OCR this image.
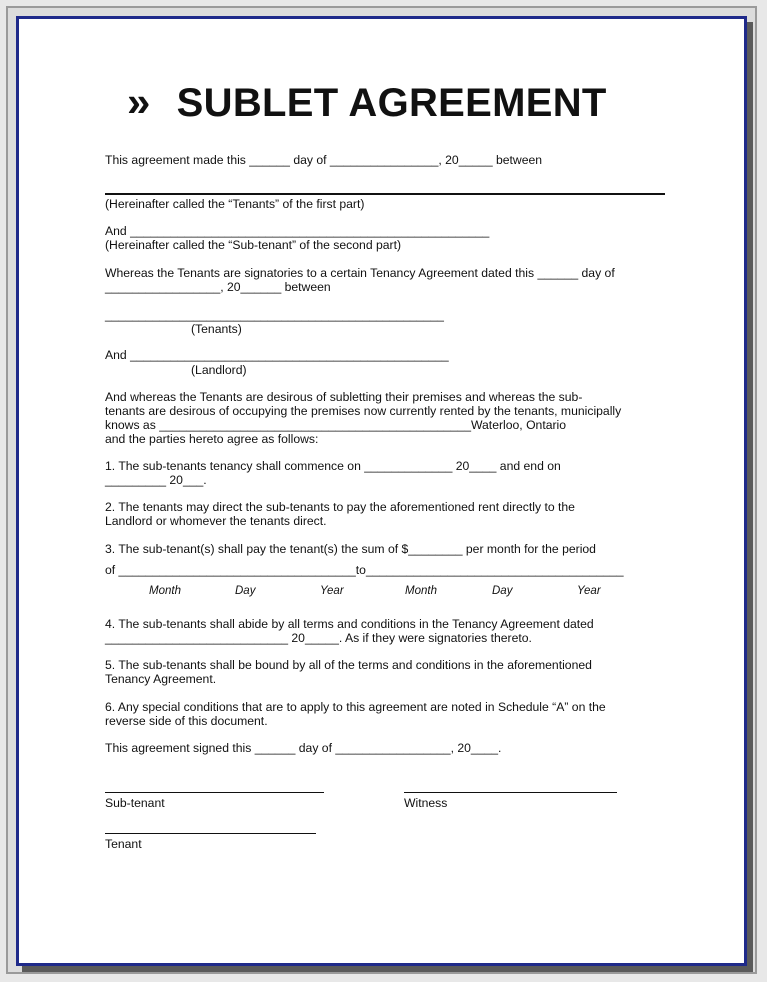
» SUBLET AGREEMENT
This agreement made this ______ day of ________________, 20_____ between
(Hereinafter called the “Tenants” of the first part)
And _____________________________________________________
(Hereinafter called the “Sub-tenant” of the second part)
Whereas the Tenants are signatories to a certain Tenancy Agreement dated this ______ day of
_________________, 20______ between
__________________________________________________
(Tenants)
And _______________________________________________
(Landlord)
And whereas the Tenants are desirous of subletting their premises and whereas the sub-
tenants are desirous of occupying the premises now currently rented by the tenants, municipally
knows as ______________________________________________Waterloo, Ontario
and the parties hereto agree as follows:
1. The sub-tenants tenancy shall commence on _____________ 20____ and end on
_________ 20___.
2. The tenants may direct the sub-tenants to pay the aforementioned rent directly to the
Landlord or whomever the tenants direct.
3. The sub-tenant(s) shall pay the tenant(s) the sum of $________ per month for the period
of ___________________________________to______________________________________
Month	Day	Year	Month	Day	Year
4. The sub-tenants shall abide by all terms and conditions in the Tenancy Agreement dated
___________________________ 20_____. As if they were signatories thereto.
5. The sub-tenants shall be bound by all of the terms and conditions in the aforementioned
Tenancy Agreement.
6. Any special conditions that are to apply to this agreement are noted in Schedule “A” on the
reverse side of this document.
This agreement signed this ______ day of _________________, 20____.
Sub-tenant	Witness
Tenant
